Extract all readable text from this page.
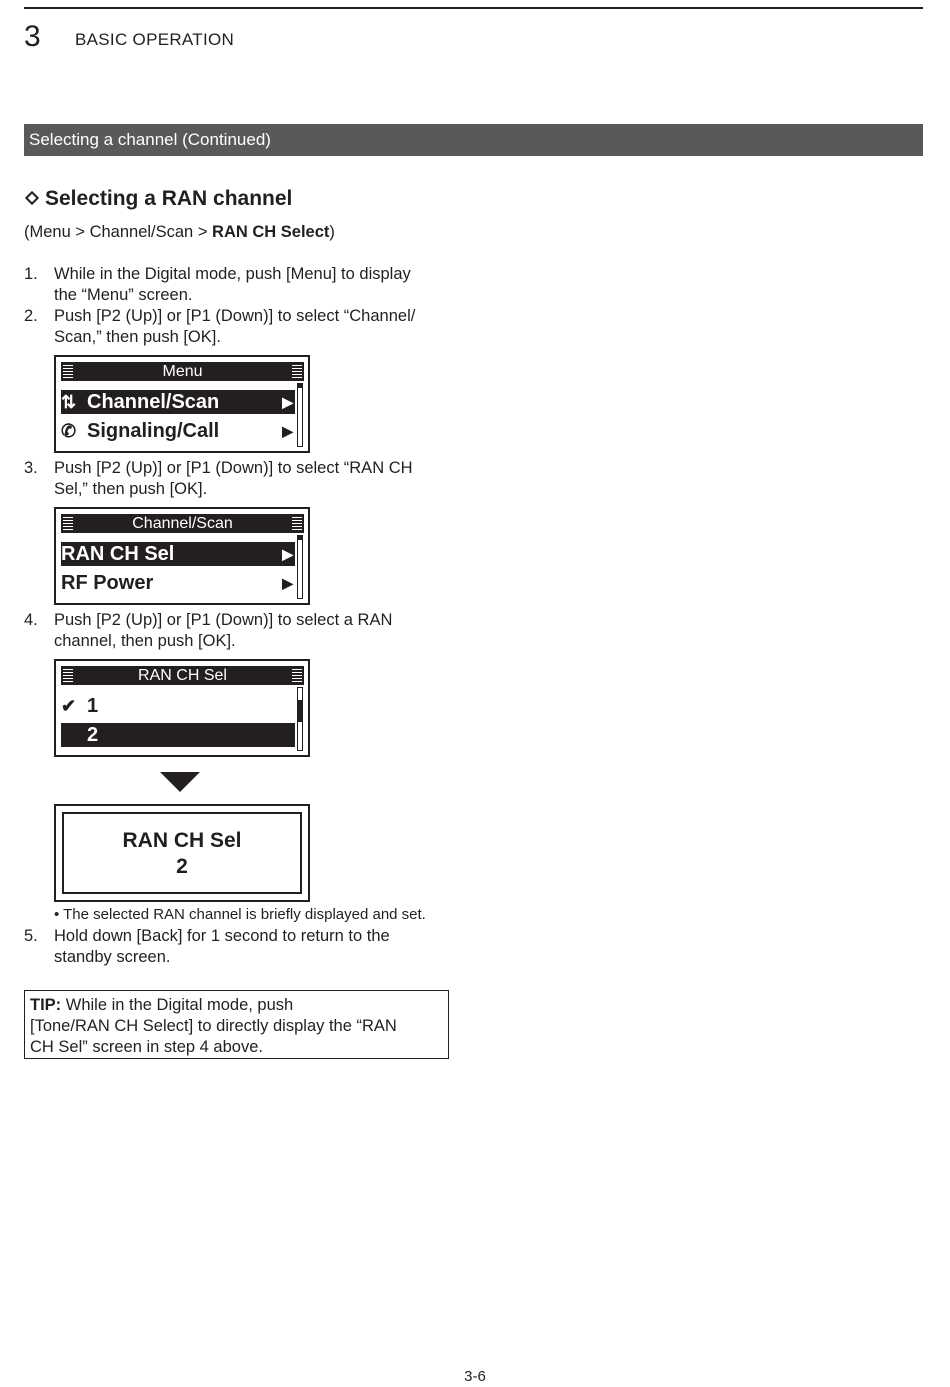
3 BASIC OPERATION
Selecting a channel (Continued)
Selecting a RAN channel
(Menu > Channel/Scan > RAN CH Select)
1. While in the Digital mode, push [Menu] to display
the “Menu” screen.
2. Push [P2 (Up)] or [P1 (Down)] to select “Channel/
Scan,” then push [OK].
Menu
⇅ Channel/Scan	▶
✆ Signaling/Call	▶
3. Push [P2 (Up)] or [P1 (Down)] to select “RAN CH
Sel,” then push [OK].
Channel/Scan
RAN CH Sel	▶
RF Power	▶
4. Push [P2 (Up)] or [P1 (Down)] to select a RAN
channel, then push [OK].
RAN CH Sel
✔ 1
2
RAN CH Sel
2
• The selected RAN channel is briefly displayed and set.
5. Hold down [Back] for 1 second to return to the
standby screen.
TIP: While in the Digital mode, push
[Tone/RAN CH Select] to directly display the “RAN
CH Sel” screen in step 4 above.
3-6
